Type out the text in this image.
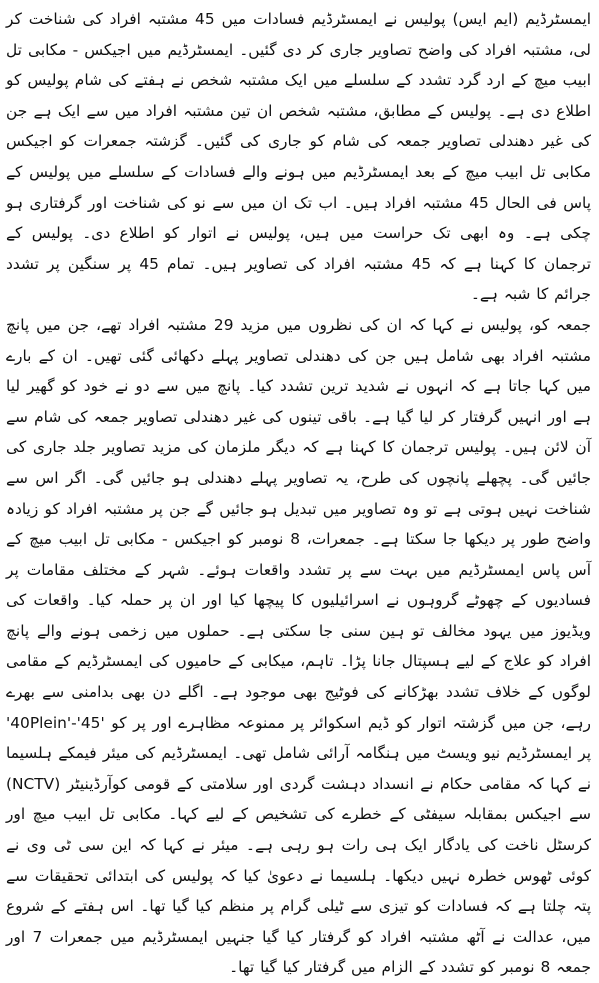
ایمسٹرڈیم (ایم ایس) پولیس نے ایمسٹرڈیم فسادات میں 45 مشتبہ افراد کی شناخت کر لی، مشتبہ افراد کی واضح تصاویر جاری کر دی گئیں۔ ایمسٹرڈیم میں اجیکس - مکابی تل ابیب میچ کے ارد گرد تشدد کے سلسلے میں ایک مشتبہ شخص نے ہفتے کی شام پولیس کو اطلاع دی ہے۔ پولیس کے مطابق، مشتبہ شخص ان تین مشتبہ افراد میں سے ایک ہے جن کی غیر دھندلی تصاویر جمعہ کی شام کو جاری کی گئیں۔ گزشتہ جمعرات کو اجیکس مکابی تل ابیب میچ کے بعد ایمسٹرڈیم میں ہونے والے فسادات کے سلسلے میں پولیس کے پاس فی الحال 45 مشتبہ افراد ہیں۔ اب تک ان میں سے نو کی شناخت اور گرفتاری ہو چکی ہے۔ وہ ابھی تک حراست میں ہیں، پولیس نے اتوار کو اطلاع دی۔ پولیس کے ترجمان کا کہنا ہے کہ 45 مشتبہ افراد کی تصاویر ہیں۔ تمام 45 پر سنگین پر تشدد جرائم کا شبہ ہے۔

جمعہ کو، پولیس نے کہا کہ ان کی نظروں میں مزید 29 مشتبہ افراد تھے، جن میں پانچ مشتبہ افراد بھی شامل ہیں جن کی دھندلی تصاویر پہلے دکھائی گئی تھیں۔ ان کے بارے میں کہا جاتا ہے کہ انہوں نے شدید ترین تشدد کیا۔ پانچ میں سے دو نے خود کو گھیر لیا ہے اور انہیں گرفتار کر لیا گیا ہے۔ باقی تینوں کی غیر دھندلی تصاویر جمعہ کی شام سے آن لائن ہیں۔ پولیس ترجمان کا کہنا ہے کہ دیگر ملزمان کی مزید تصاویر جلد جاری کی جائیں گی۔ پچھلے پانچوں کی طرح، یہ تصاویر پہلے دھندلی ہو جائیں گی۔ اگر اس سے شناخت نہیں ہوتی ہے تو وہ تصاویر میں تبدیل ہو جائیں گے جن پر مشتبہ افراد کو زیادہ واضح طور پر دیکھا جا سکتا ہے۔ جمعرات، 8 نومبر کو اجیکس - مکابی تل ابیب میچ کے آس پاس ایمسٹرڈیم میں بہت سے پر تشدد واقعات ہوئے۔ شہر کے مختلف مقامات پر فسادیوں کے چھوٹے گروہوں نے اسرائیلیوں کا پیچھا کیا اور ان پر حملہ کیا۔ واقعات کی ویڈیوز میں یہود مخالف تو ہین سنی جا سکتی ہے۔ حملوں میں زخمی ہونے والے پانچ افراد کو علاج کے لیے ہسپتال جانا پڑا۔ تاہم، میکابی کے حامیوں کی ایمسٹرڈیم کے مقامی لوگوں کے خلاف تشدد بھڑکانے کی فوٹیج بھی موجود ہے۔ اگلے دن بھی بدامنی سے بھرے رہے، جن میں گزشتہ اتوار کو ڈیم اسکوائر پر ممنوعہ مظاہرے اور پر کو '40Plein'-'45' پر ایمسٹرڈیم نیو ویسٹ میں ہنگامہ آرائی شامل تھی۔ ایمسٹرڈیم کی میئر فیمکے ہلسیما نے کہا کہ مقامی حکام نے انسداد دہشت گردی اور سلامتی کے قومی کوآرڈینیٹر (NCTV) سے اجیکس بمقابلہ سیفٹی کے خطرے کی تشخیص کے لیے کہا۔ مکابی تل ابیب میچ اور کرسٹل ناخت کی یادگار ایک ہی رات ہو رہی ہے۔ میئر نے کہا کہ این سی ٹی وی نے کوئی ٹھوس خطرہ نہیں دیکھا۔ ہلسیما نے دعویٰ کیا کہ پولیس کی ابتدائی تحقیقات سے پتہ چلتا ہے کہ فسادات کو تیزی سے ٹیلی گرام پر منظم کیا گیا تھا۔ اس ہفتے کے شروع میں، عدالت نے آٹھ مشتبہ افراد کو گرفتار کیا گیا جنہیں ایمسٹرڈیم میں جمعرات 7 اور جمعہ 8 نومبر کو تشدد کے الزام میں گرفتار کیا گیا تھا۔
